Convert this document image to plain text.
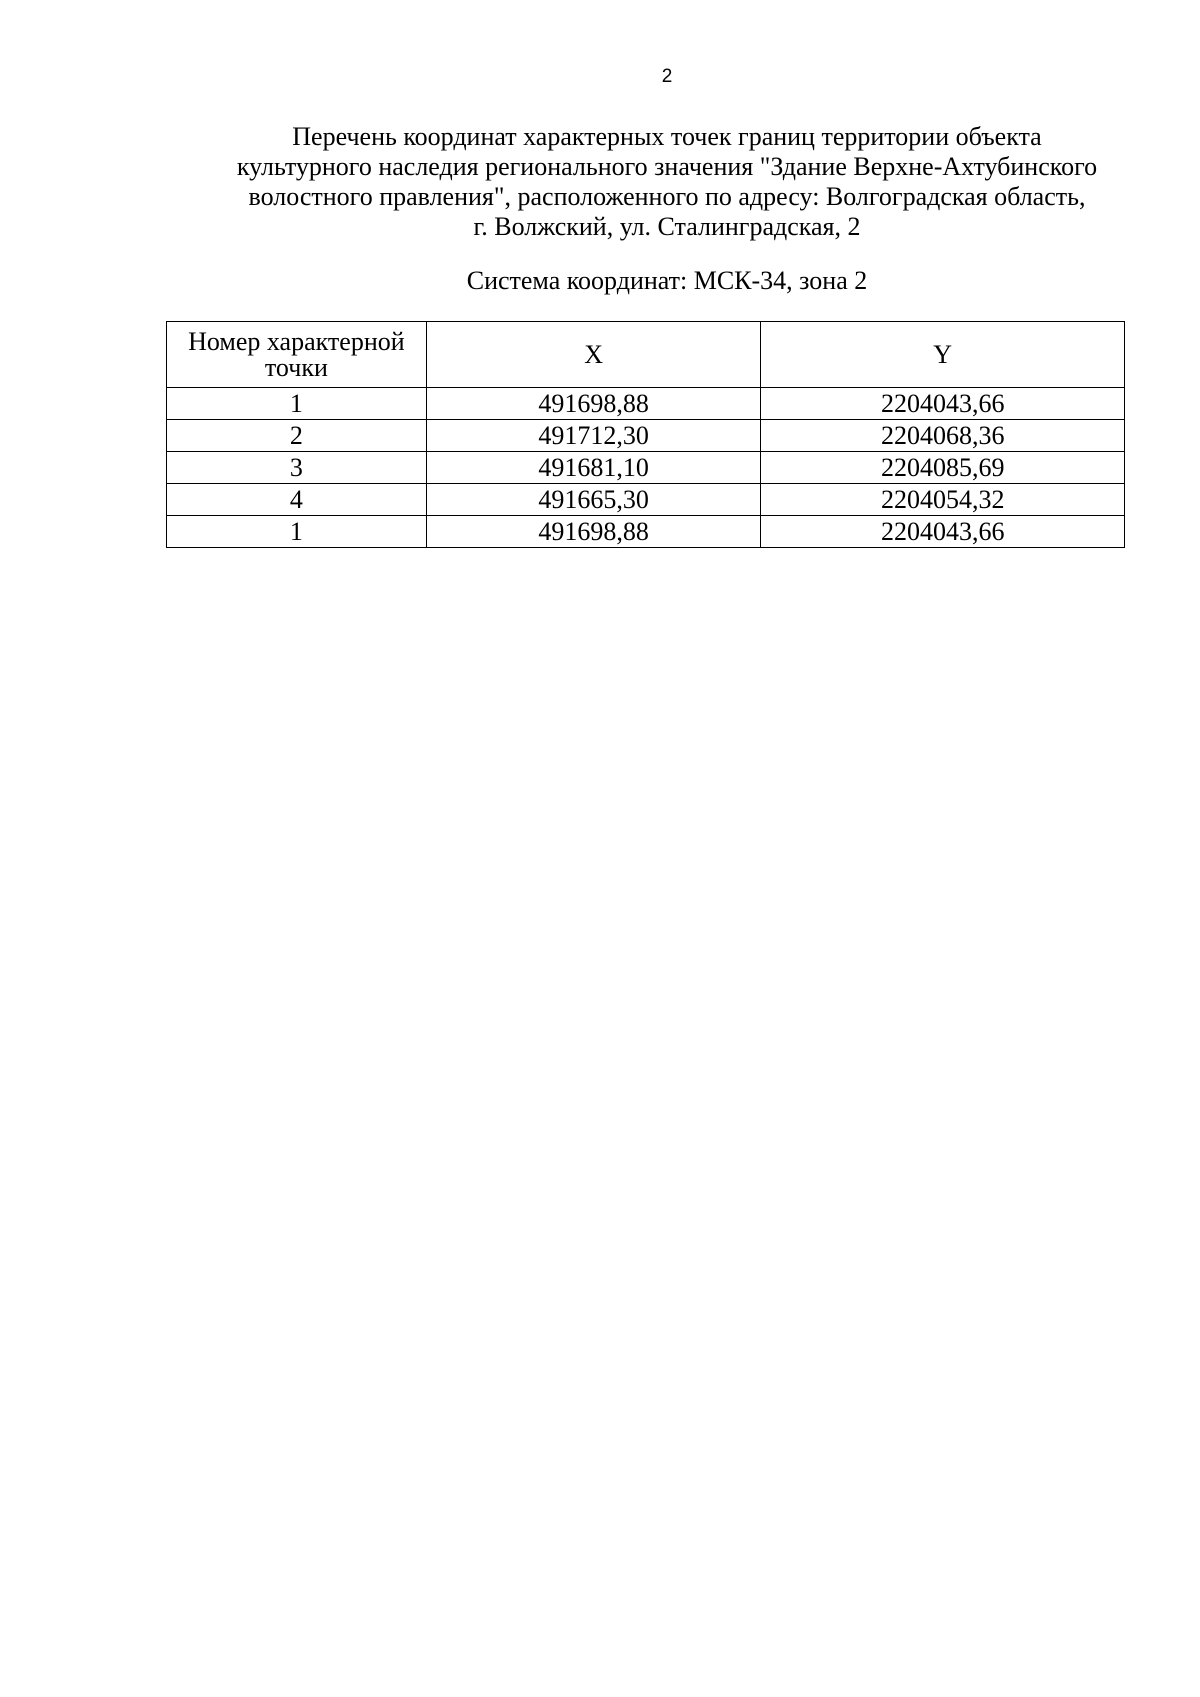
2
Перечень координат характерных точек границ территории объекта
культурного наследия регионального значения "Здание Верхне-Ахтубинского
волостного правления", расположенного по адресу: Волгоградская область,
г. Волжский, ул. Сталинградская, 2
Система координат: МСК-34, зона 2
Номер характерной точки	X	Y
1	491698,88	2204043,66
2	491712,30	2204068,36
3	491681,10	2204085,69
4	491665,30	2204054,32
1	491698,88	2204043,66
